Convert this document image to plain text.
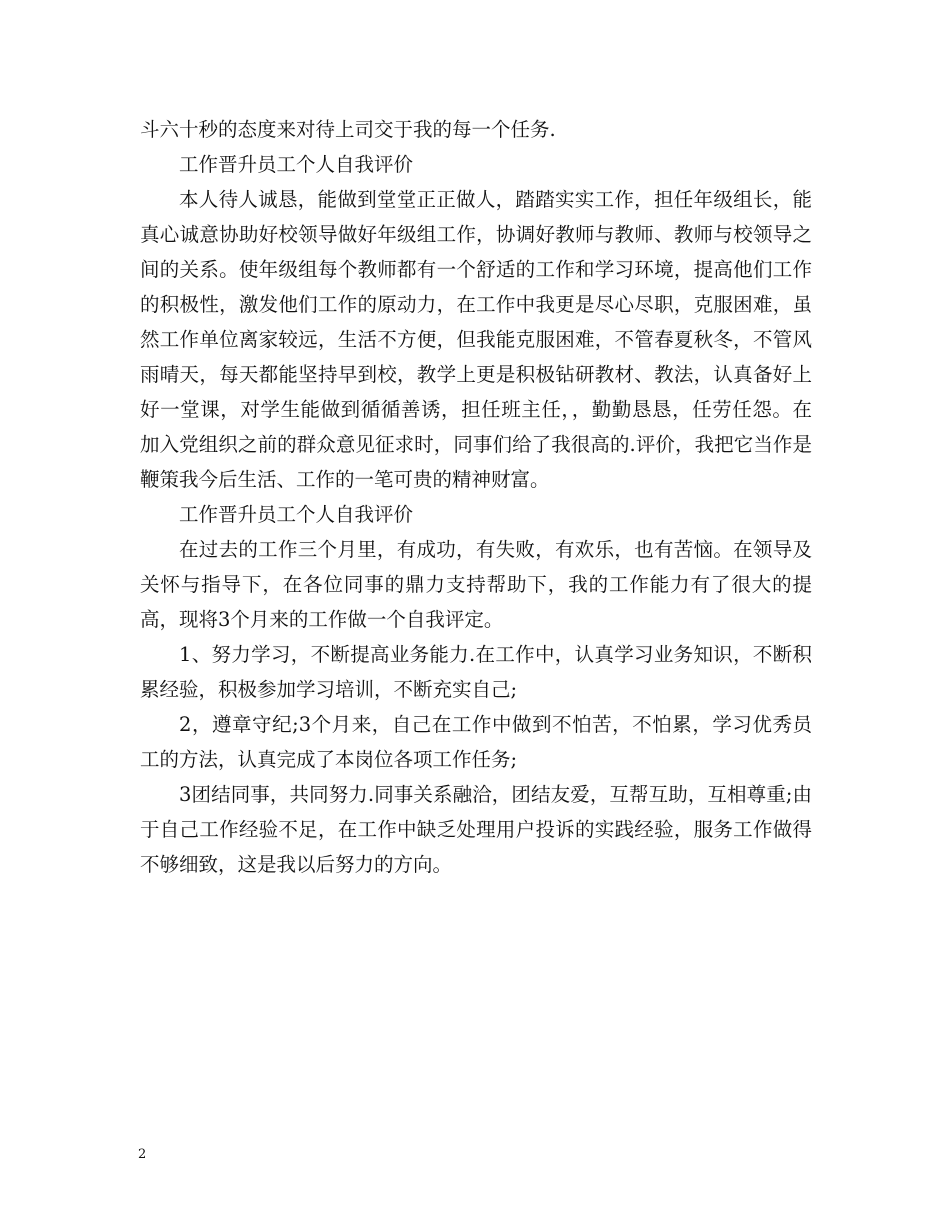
斗六十秒的态度来对待上司交于我的每一个任务.

工作晋升员工个人自我评价

本人待人诚恳，能做到堂堂正正做人，踏踏实实工作，担任年级组长，能真心诚意协助好校领导做好年级组工作，协调好教师与教师、教师与校领导之间的关系。使年级组每个教师都有一个舒适的工作和学习环境，提高他们工作的积极性，激发他们工作的原动力，在工作中我更是尽心尽职，克服困难，虽然工作单位离家较远，生活不方便，但我能克服困难，不管春夏秋冬，不管风雨晴天，每天都能坚持早到校，教学上更是积极钻研教材、教法，认真备好上好一堂课，对学生能做到循循善诱，担任班主任，，勤勤恳恳，任劳任怨。在加入党组织之前的群众意见征求时，同事们给了我很高的.评价，我把它当作是鞭策我今后生活、工作的一笔可贵的精神财富。

工作晋升员工个人自我评价

在过去的工作三个月里，有成功，有失败，有欢乐，也有苦恼。在领导及关怀与指导下，在各位同事的鼎力支持帮助下，我的工作能力有了很大的提高，现将3个月来的工作做一个自我评定。

1、努力学习，不断提高业务能力.在工作中，认真学习业务知识，不断积累经验，积极参加学习培训，不断充实自己;

2，遵章守纪;3个月来，自己在工作中做到不怕苦，不怕累，学习优秀员工的方法，认真完成了本岗位各项工作任务;

3团结同事，共同努力.同事关系融洽，团结友爱，互帮互助，互相尊重;由于自己工作经验不足，在工作中缺乏处理用户投诉的实践经验，服务工作做得不够细致，这是我以后努力的方向。

2
